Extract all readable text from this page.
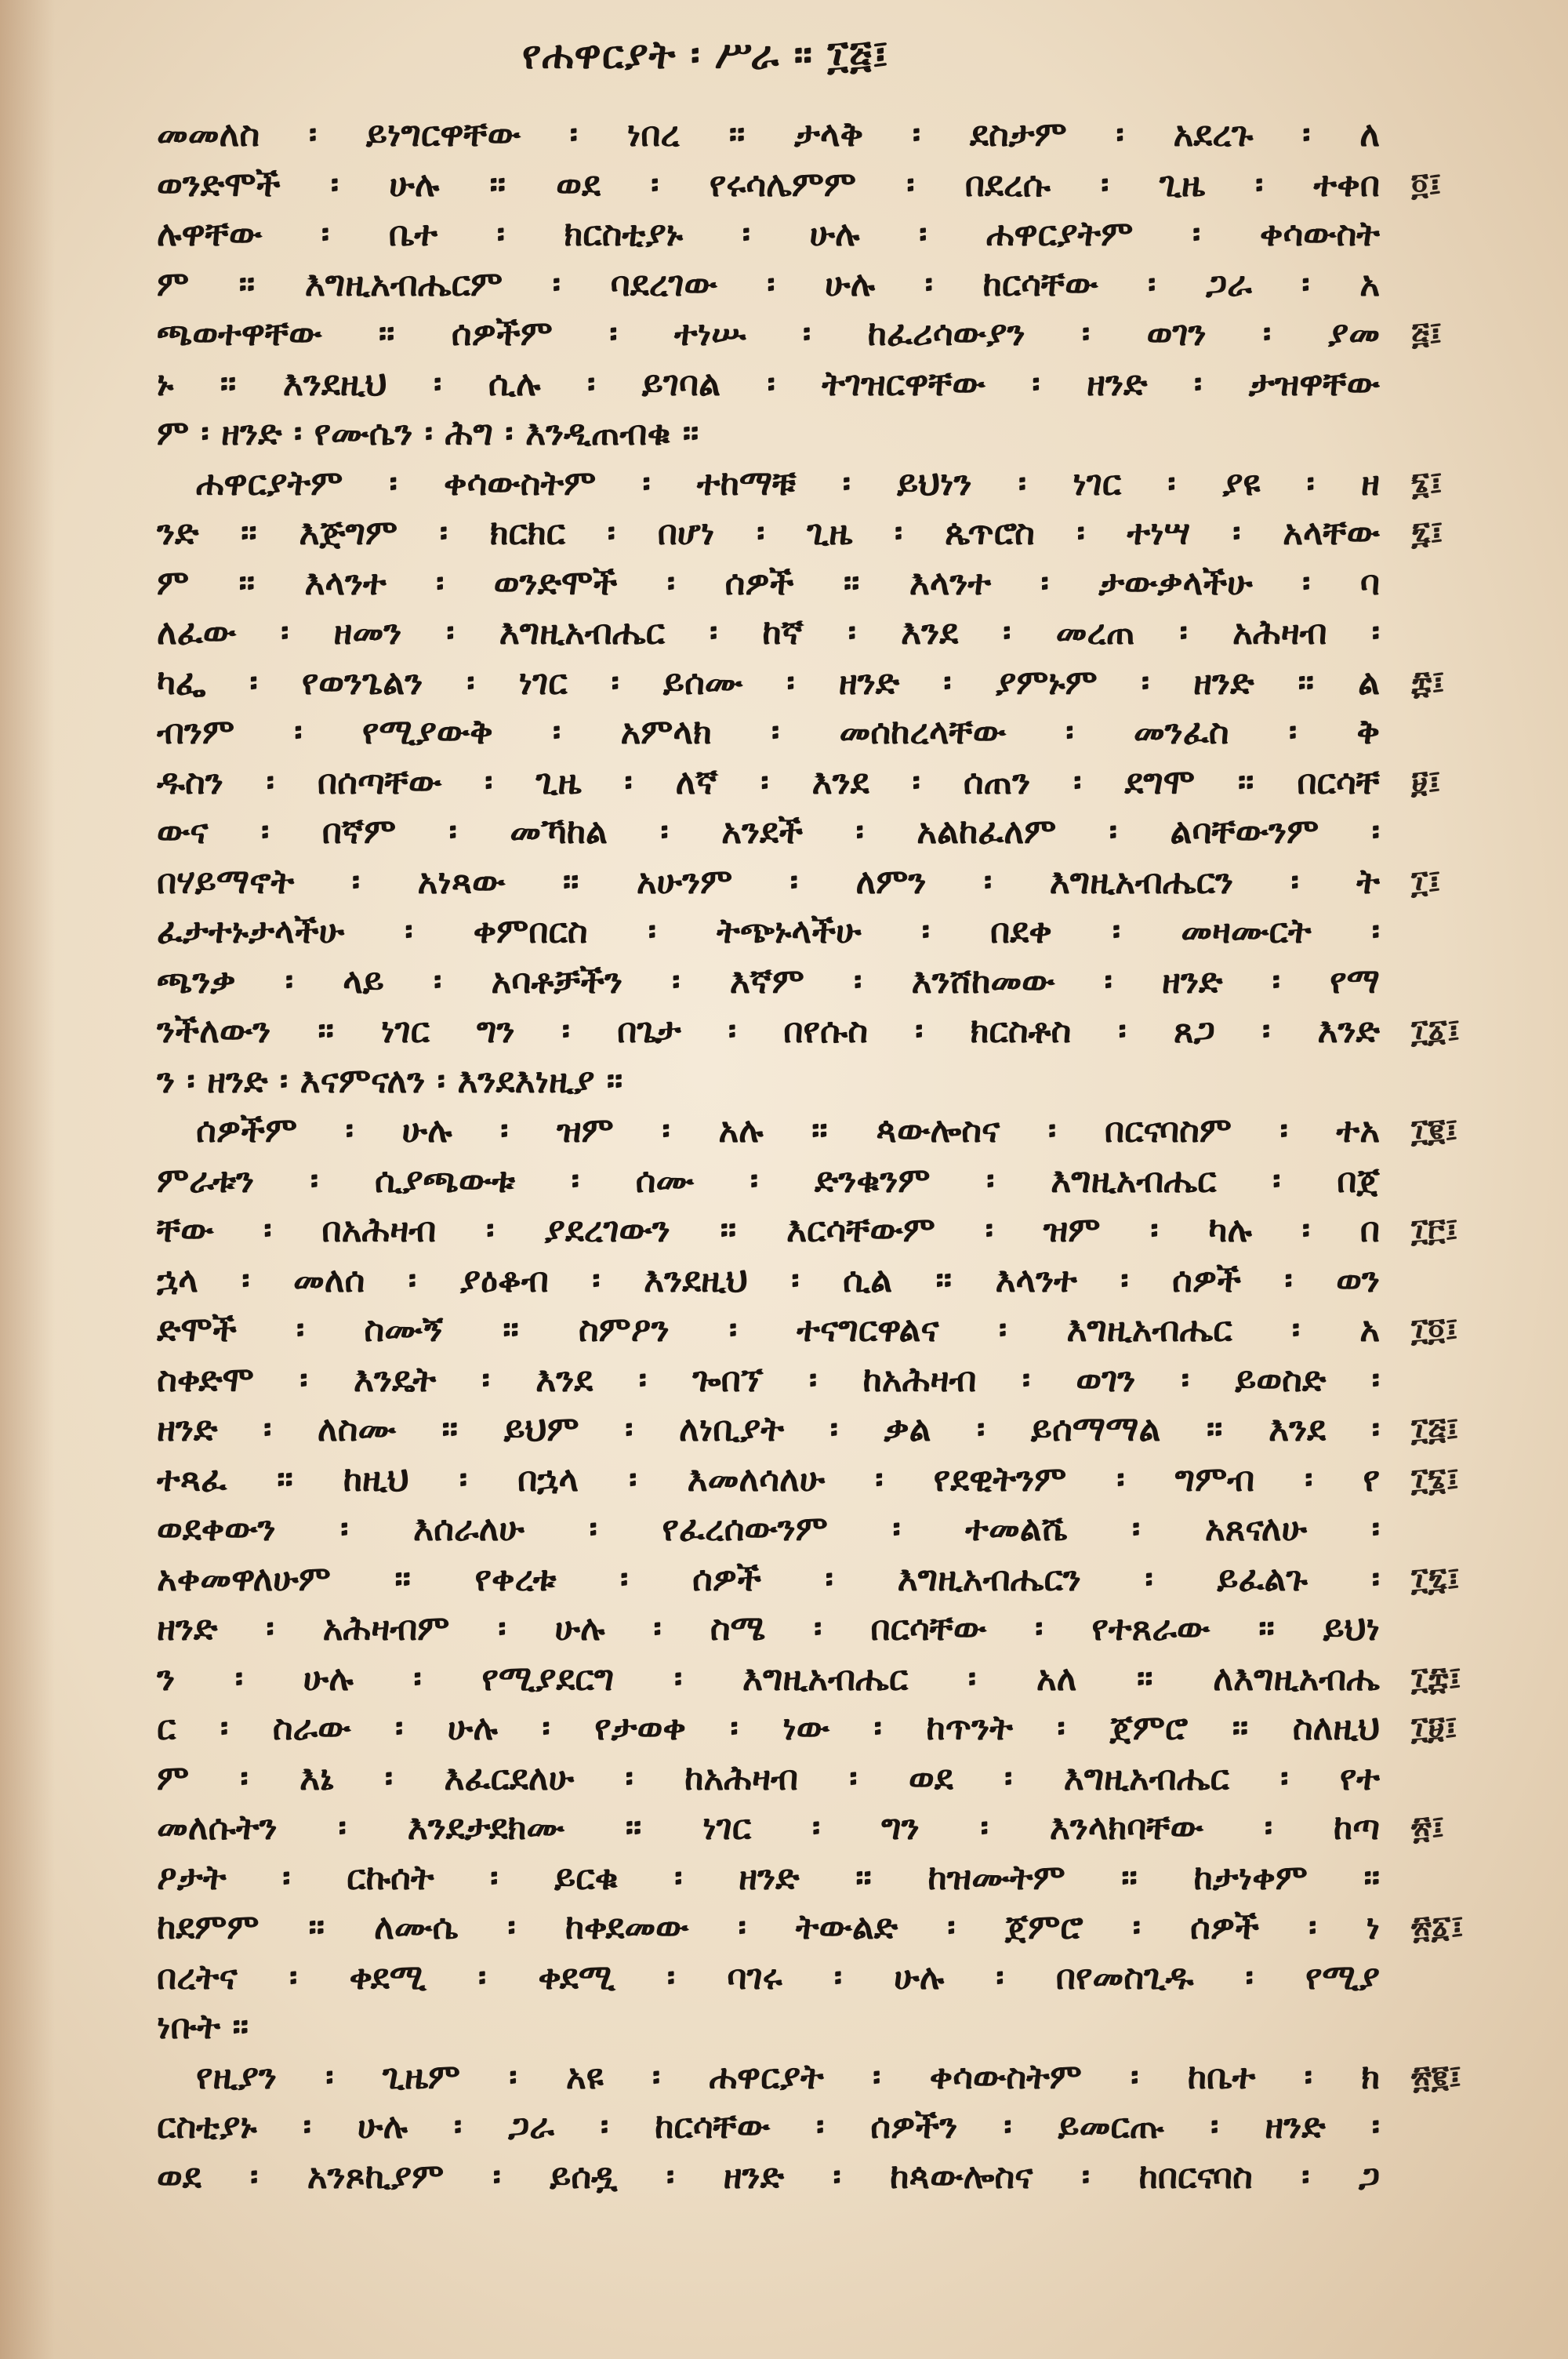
የሐዋርያት ፡ ሥራ ። ፲፭፤
መመለስ ፡ ይነግርዋቸው ፡ ነበረ ። ታላቅ ፡ ደስታም ፡ አደረጉ ፡ ለ
ወንድሞች ፡ ሁሉ ። ወደ ፡ የሩሳሌምም ፡ በደረሱ ፡ ጊዜ ፡ ተቀበ
ሉዋቸው ፡ ቤተ ፡ ክርስቲያኑ ፡ ሁሉ ፡ ሐዋርያትም ፡ ቀሳውስት
ም ። እግዚአብሔርም ፡ ባደረገው ፡ ሁሉ ፡ ከርሳቸው ፡ ጋራ ፡ አ
ጫወተዋቸው ። ሰዎችም ፡ ተነሡ ፡ ከፈሪሳውያን ፡ ወገን ፡ ያመ
ኑ ። እንደዚህ ፡ ሲሉ ፡ ይገባል ፡ ትገዝርዋቸው ፡ ዘንድ ፡ ታዝዋቸው
ም ፡ ዘንድ ፡ የሙሴን ፡ ሕግ ፡ እንዲጠብቁ ።
ሐዋርያትም ፡ ቀሳውስትም ፡ ተከማቹ ፡ ይህነን ፡ ነገር ፡ ያዩ ፡ ዘ
ንድ ። እጅግም ፡ ክርክር ፡ በሆነ ፡ ጊዜ ፡ ጴጥሮስ ፡ ተነሣ ፡ አላቸው
ም ። እላንተ ፡ ወንድሞች ፡ ሰዎች ። እላንተ ፡ ታውቃላችሁ ፡ ባ
ለፈው ፡ ዘመን ፡ እግዚአብሔር ፡ ከኛ ፡ እንደ ፡ መረጠ ፡ አሕዛብ ፡
ካፌ ፡ የወንጌልን ፡ ነገር ፡ ይሰሙ ፡ ዘንድ ፡ ያምኑም ፡ ዘንድ ። ል
ብንም ፡ የሚያውቅ ፡ አምላክ ፡ መሰከረላቸው ፡ መንፈስ ፡ ቅ
ዱስን ፡ በሰጣቸው ፡ ጊዜ ፡ ለኛ ፡ እንደ ፡ ሰጠን ፡ ደግሞ ። በርሳቸ
ውና ፡ በኛም ፡ መኻከል ፡ አንደች ፡ አልከፈለም ፡ ልባቸውንም ፡
በሃይማኖት ፡ አነጻው ። አሁንም ፡ ለምን ፡ እግዚአብሔርን ፡ ት
ፈታተኑታላችሁ ፡ ቀምበርስ ፡ ትጭኑላችሁ ፡ በደቀ ፡ መዛሙርት ፡
ጫንቃ ፡ ላይ ፡ አባቶቻችን ፡ እኛም ፡ እንሸከመው ፡ ዘንድ ፡ የማ
ንችለውን ። ነገር ግን ፡ በጌታ ፡ በየሱስ ፡ ክርስቶስ ፡ ጸጋ ፡ እንድ
ን ፡ ዘንድ ፡ እናምናለን ፡ እንደእነዚያ ።
ሰዎችም ፡ ሁሉ ፡ ዝም ፡ አሉ ። ጳውሎስና ፡ በርናባስም ፡ ተአ
ምራቱን ፡ ሲያጫውቱ ፡ ሰሙ ፡ ድንቁንም ፡ እግዚአብሔር ፡ በጀ
ቸው ፡ በአሕዛብ ፡ ያደረገውን ። እርሳቸውም ፡ ዝም ፡ ካሉ ፡ በ
ኋላ ፡ መለሰ ፡ ያዕቆብ ፡ እንደዚህ ፡ ሲል ። እላንተ ፡ ሰዎች ፡ ወን
ድሞች ፡ ስሙኝ ። ስምዖን ፡ ተናግርዋልና ፡ እግዚአብሔር ፡ አ
ስቀድሞ ፡ እንዴት ፡ እንደ ፡ ጐበኘ ፡ ከአሕዛብ ፡ ወገን ፡ ይወስድ ፡
ዘንድ ፡ ለስሙ ። ይህም ፡ ለነቢያት ፡ ቃል ፡ ይሰማማል ። እንደ ፡
ተጻፈ ። ከዚህ ፡ በኋላ ፡ እመለሳለሁ ፡ የደዊትንም ፡ ግምብ ፡ የ
ወደቀውን ፡ እሰራለሁ ፡ የፈረሰውንም ፡ ተመልሼ ፡ አጸናለሁ ፡
አቀመዋለሁም ። የቀረቱ ፡ ሰዎች ፡ እግዚአብሔርን ፡ ይፈልጉ ፡
ዘንድ ፡ አሕዛብም ፡ ሁሉ ፡ ስሜ ፡ በርሳቸው ፡ የተጸራው ። ይህነ
ን ፡ ሁሉ ፡ የሚያደርግ ፡ እግዚአብሔር ፡ አለ ። ለእግዚአብሔ
ር ፡ ስራው ፡ ሁሉ ፡ የታወቀ ፡ ነው ፡ ከጥንት ፡ ጀምሮ ። ስለዚህ
ም ፡ እኔ ፡ እፈርደለሁ ፡ ከአሕዛብ ፡ ወደ ፡ እግዚአብሔር ፡ የተ
መለሱትን ፡ እንደታደክሙ ። ነገር ፡ ግን ፡ እንላክባቸው ፡ ከጣ
ዖታት ፡ ርኩሰት ፡ ይርቁ ፡ ዘንድ ። ከዝሙትም ። ከታነቀም ።
ከደምም ። ለሙሴ ፡ ከቀደመው ፡ ትውልድ ፡ ጀምሮ ፡ ሰዎች ፡ ነ
በረትና ፡ ቀደሚ ፡ ቀደሚ ፡ ባገሩ ፡ ሁሉ ፡ በየመስጊዱ ፡ የሚያ
ነቡት ።
የዚያን ፡ ጊዜም ፡ አዩ ፡ ሐዋርያት ፡ ቀሳውስትም ፡ ከቤተ ፡ ክ
ርስቲያኑ ፡ ሁሉ ፡ ጋራ ፡ ከርሳቸው ፡ ሰዎችን ፡ ይመርጡ ፡ ዘንድ ፡
ወደ ፡ አንጾኪያም ፡ ይሰዷ ፡ ዘንድ ፡ ከጳውሎስና ፡ ከበርናባስ ፡ ጋ
፬፤
፭፤
፮፤
፯፤
፰፤
፱፤
፲፤
፲፩፤
፲፪፤
፲፫፤
፲፬፤
፲፭፤
፲፮፤
፲፯፤
፲፰፤
፲፱፤
፳፤
፳፩፤
፳፪፤
